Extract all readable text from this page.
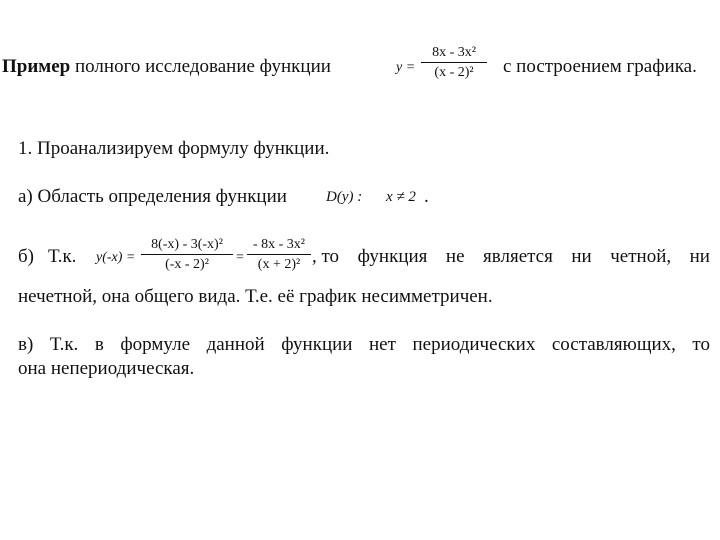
Пример полного исследование функции	y =
8x - 3x²
(x - 2)²	с построением графика.
1. Проанализируем формулу функции.
а) Область определения функции	D(y) : x ≠ 2 .
б) Т.к. y(-x) =
8(-x) - 3(-x)²
(-x - 2)²	=
- 8x - 3x²
(x + 2)² , то функция не является ни четной, ни
нечетной, она общего вида. Т.е. её график несимметричен.
в) Т.к. в формуле данной функции нет периодических составляющих, то
она непериодическая.
